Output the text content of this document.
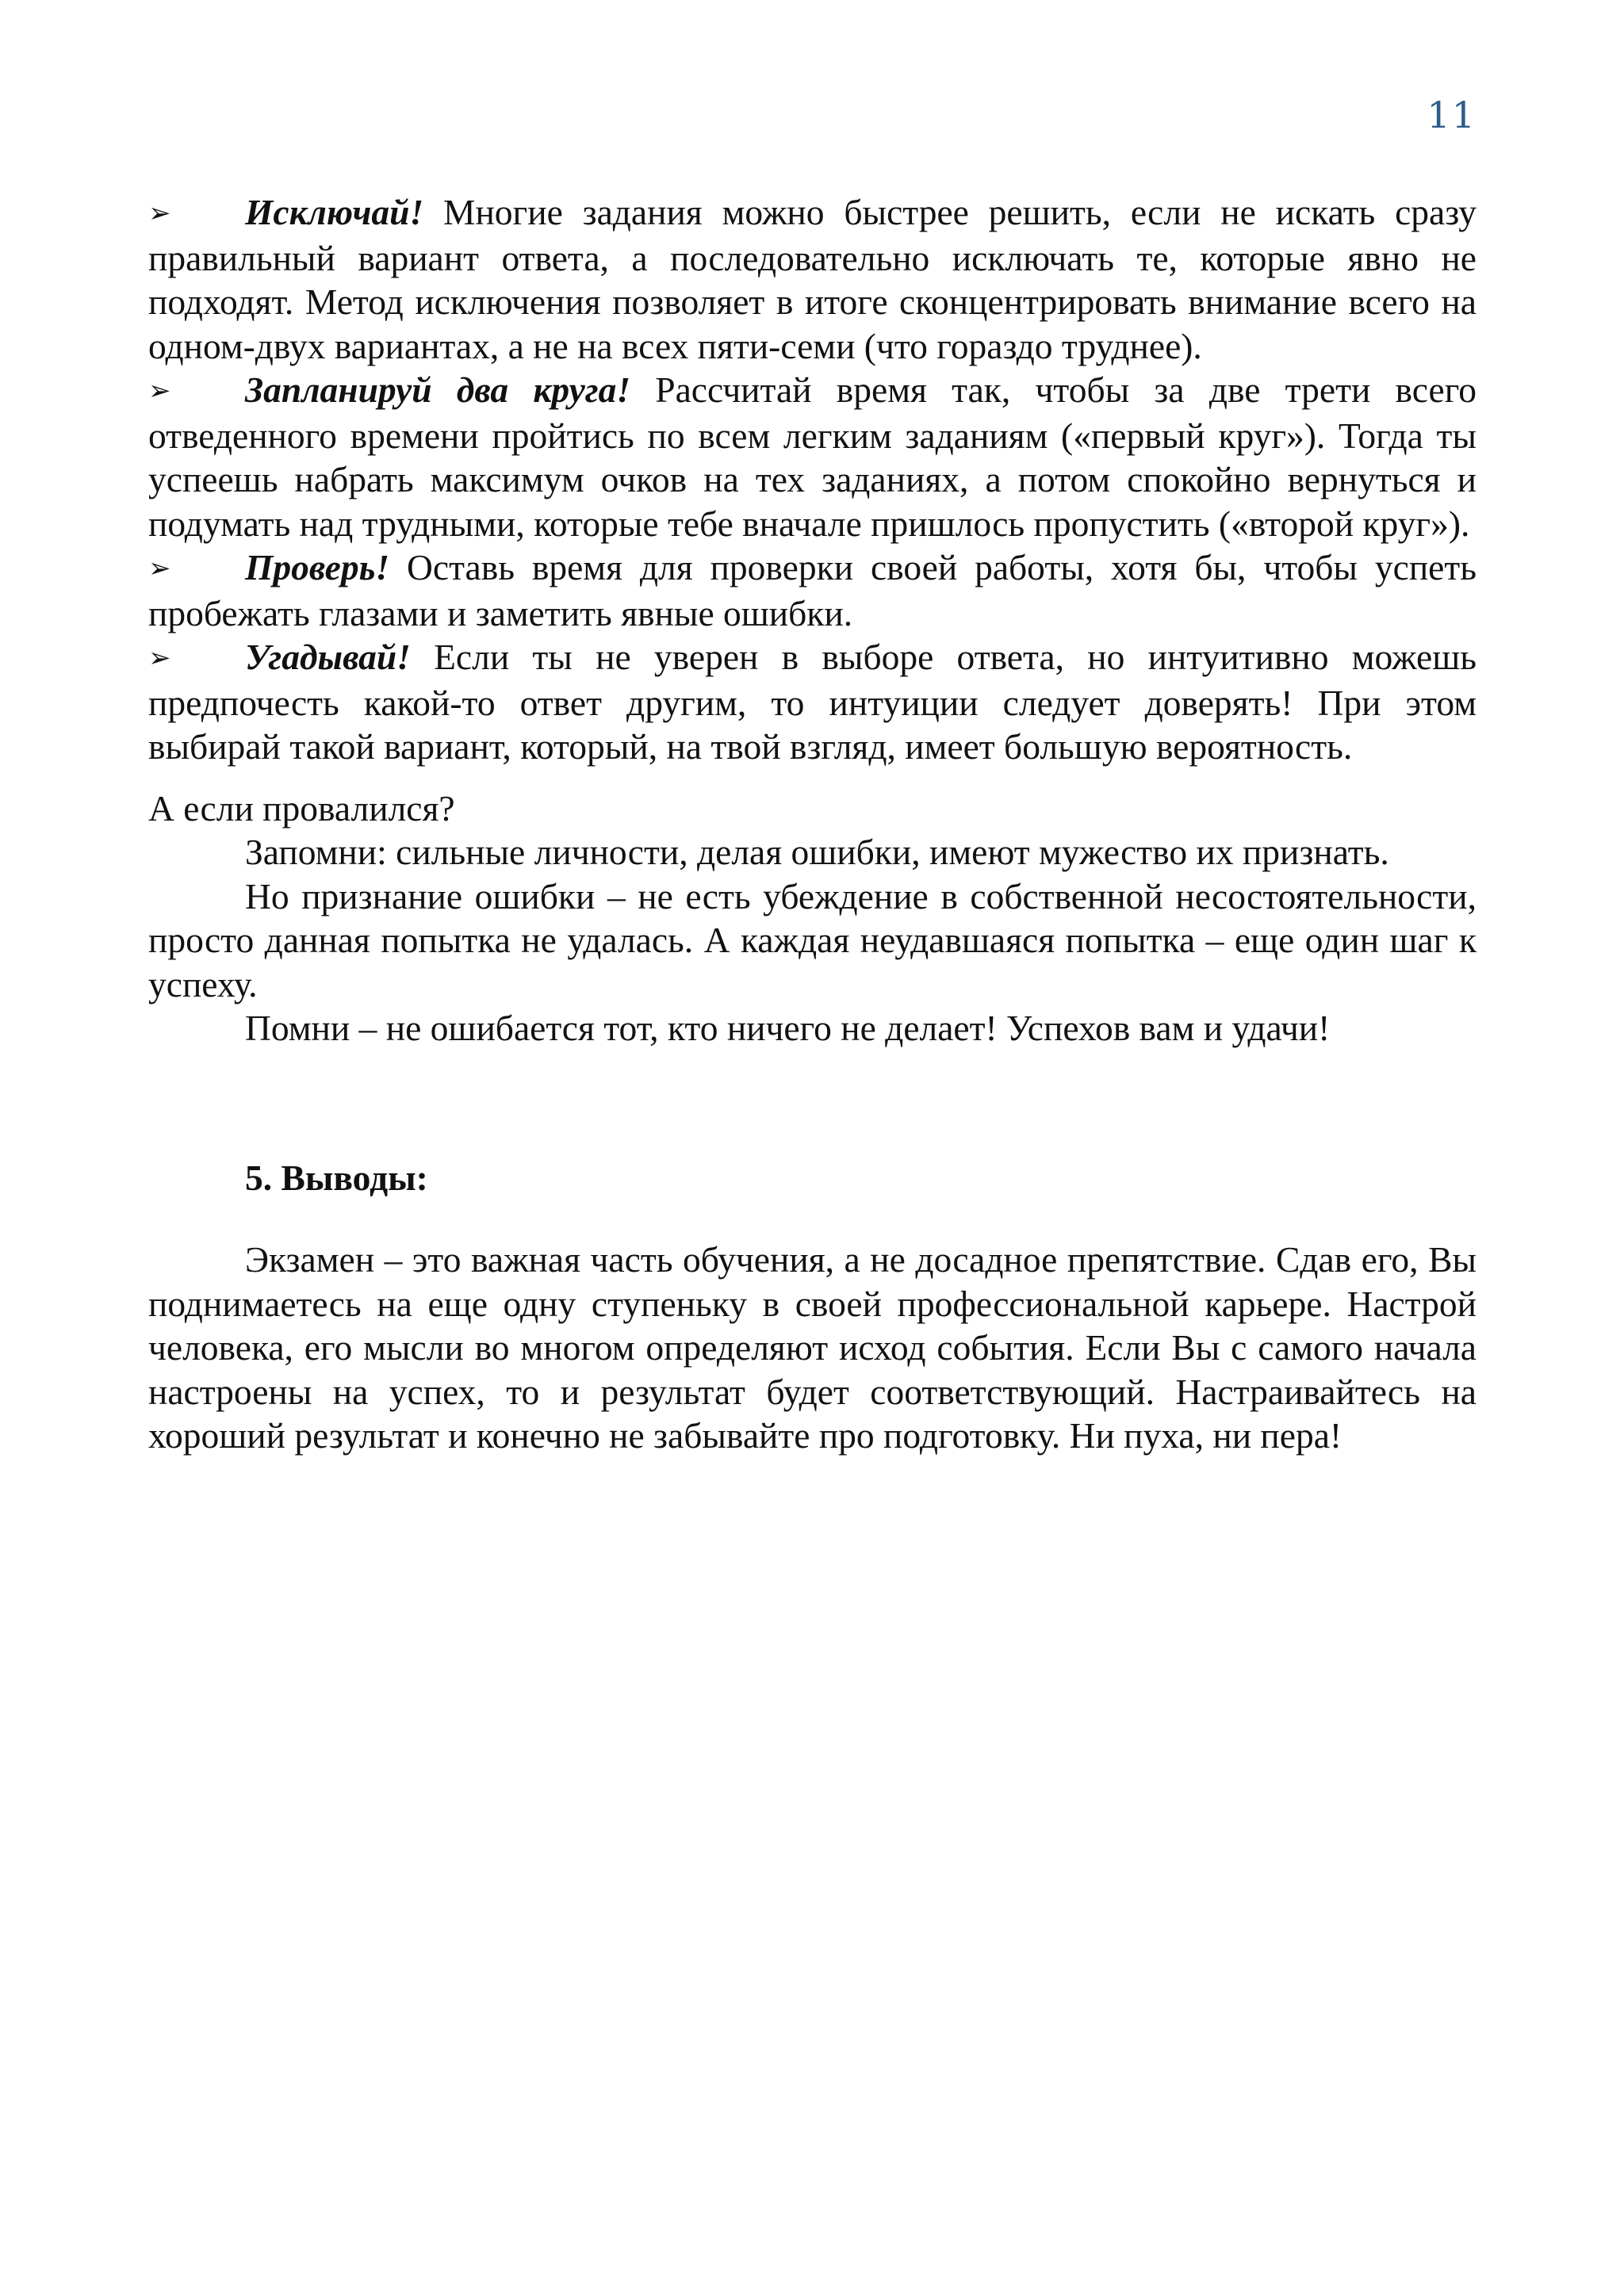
11
➢ Исключай! Многие задания можно быстрее решить, если не искать сразу правильный вариант ответа, а последовательно исключать те, которые явно не подходят. Метод исключения позволяет в итоге сконцентрировать внимание всего на одном-двух вариантах, а не на всех пяти-семи (что гораздо труднее).
➢ Запланируй два круга! Рассчитай время так, чтобы за две трети всего отведенного времени пройтись по всем легким заданиям («первый круг»). Тогда ты успеешь набрать максимум очков на тех заданиях, а потом спокойно вернуться и подумать над трудными, которые тебе вначале пришлось пропустить («второй круг»).
➢ Проверь! Оставь время для проверки своей работы, хотя бы, чтобы успеть пробежать глазами и заметить явные ошибки.
➢ Угадывай! Если ты не уверен в выборе ответа, но интуитивно можешь предпочесть какой-то ответ другим, то интуиции следует доверять! При этом выбирай такой вариант, который, на твой взгляд, имеет большую вероятность.

А если провалился?

Запомни: сильные личности, делая ошибки, имеют мужество их признать.

Но признание ошибки – не есть убеждение в собственной несостоятельности, просто данная попытка не удалась. А каждая неудавшаяся попытка – еще один шаг к успеху.

Помни – не ошибается тот, кто ничего не делает! Успехов вам и удачи!

5. Выводы:

Экзамен – это важная часть обучения, а не досадное препятствие. Сдав его, Вы поднимаетесь на еще одну ступеньку в своей профессиональной карьере. Настрой человека, его мысли во многом определяют исход события. Если Вы с самого начала настроены на успех, то и результат будет соответствующий. Настраивайтесь на хороший результат и конечно не забывайте про подготовку. Ни пуха, ни пера!
